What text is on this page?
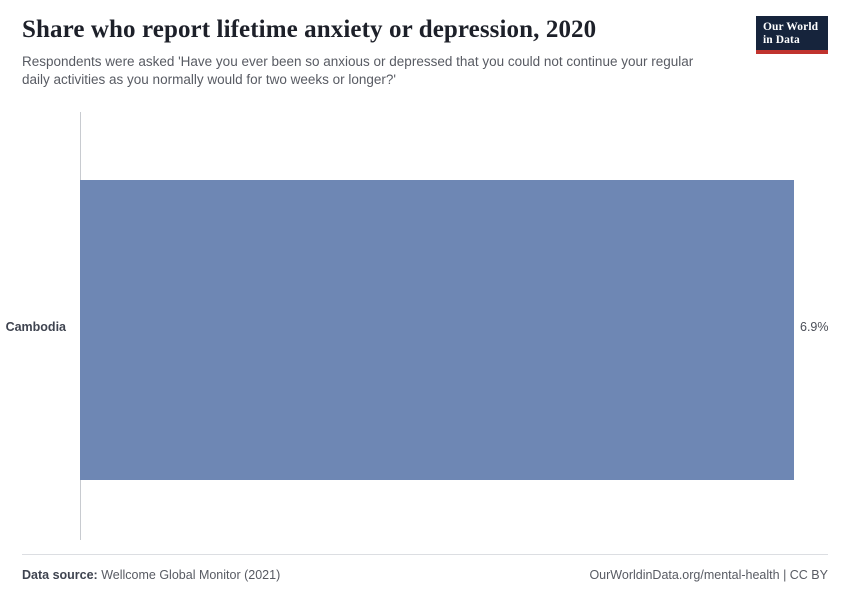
Share who report lifetime anxiety or depression, 2020

Respondents were asked 'Have you ever been so anxious or depressed that you could not continue your regular daily activities as you normally would for two weeks or longer?'

Our World
in Data
Cambodia	6.9%
Data source: Wellcome Global Monitor (2021)	OurWorldinData.org/mental-health | CC BY
